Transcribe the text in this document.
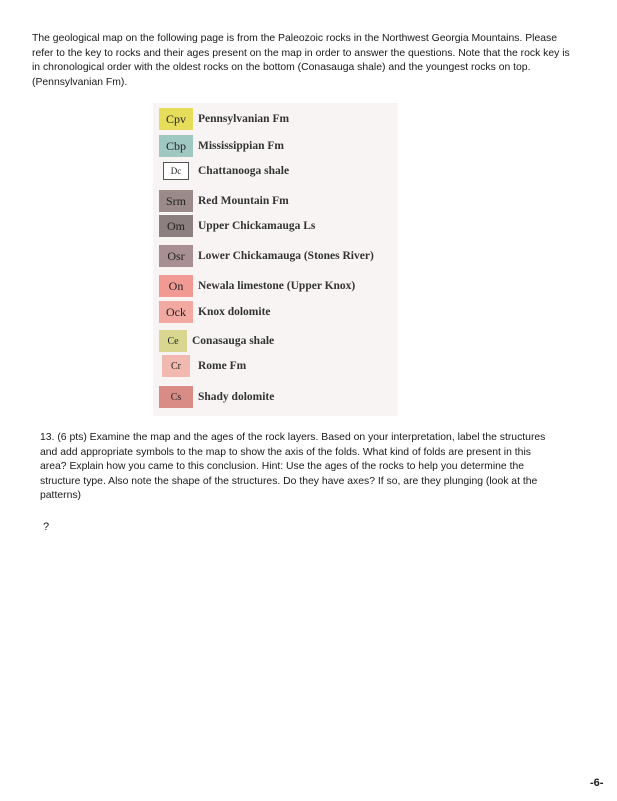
The geological map on the following page is from the Paleozoic rocks in the Northwest Georgia Mountains. Please refer to the key to rocks and their ages present on the map in order to answer the questions. Note that the rock key is in chronological order with the oldest rocks on the bottom (Conasauga shale) and the youngest rocks on top. (Pennsylvanian Fm).

Cpv	Pennsylvanian Fm
Cbp	Mississippian Fm
Dc	Chattanooga shale
Srm	Red Mountain Fm
Om	Upper Chickamauga Ls
Osr	Lower Chickamauga (Stones River)
On	Newala limestone (Upper Knox)
Ock	Knox dolomite
Ce	Conasauga shale
Cr	Rome Fm
Cs	Shady dolomite

13. (6 pts) Examine the map and the ages of the rock layers. Based on your interpretation, label the structures and add appropriate symbols to the map to show the axis of the folds. What kind of folds are present in this area? Explain how you came to this conclusion. Hint: Use the ages of the rocks to help you determine the structure type. Also note the shape of the structures. Do they have axes? If so, are they plunging (look at the patterns)

?
-6-
